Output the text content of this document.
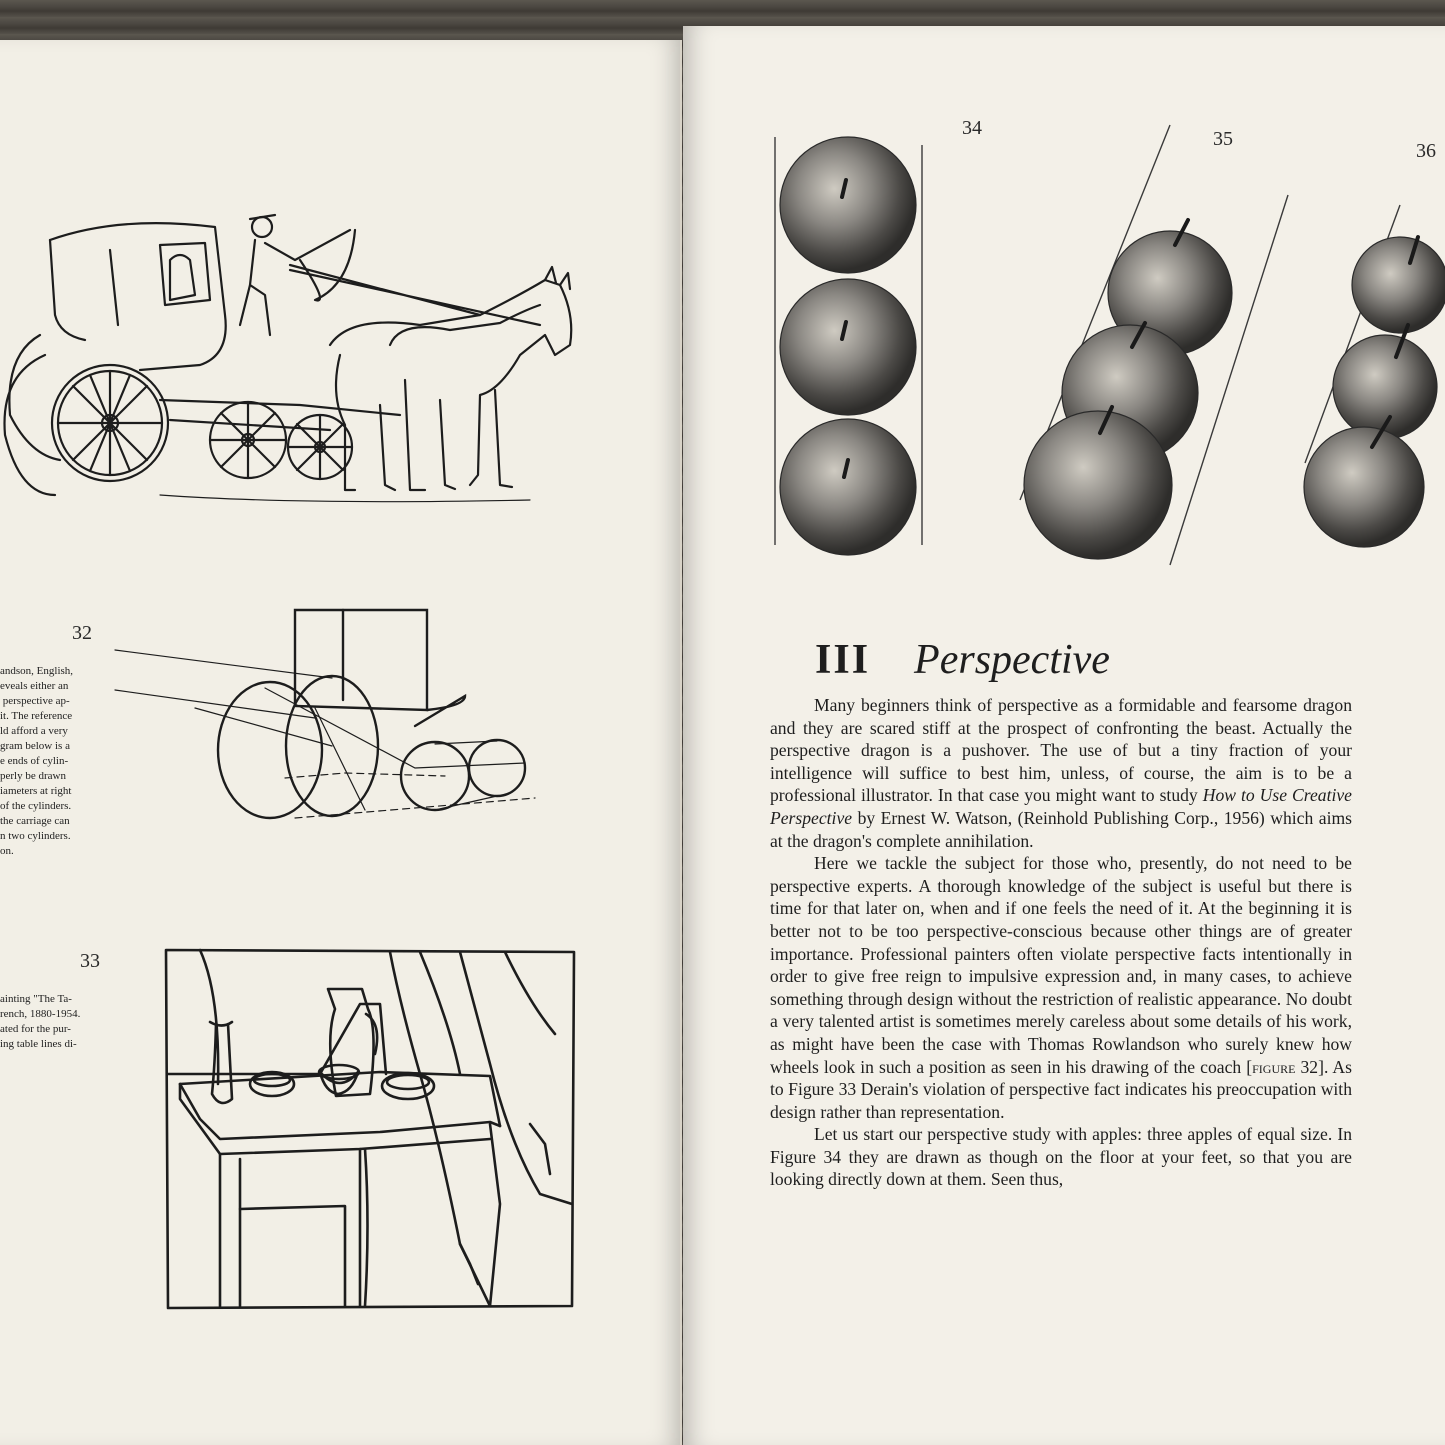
32
andson, English,
eveals either an
perspective ap-
it. The reference
ld afford a very
gram below is a
e ends of cylin-
perly be drawn
iameters at right
of the cylinders.
the carriage can
n two cylinders.
on.
33
ainting "The Ta-
rench, 1880-1954.
ated for the pur-
ing table lines di-
34	35
36
III Perspective

Many beginners think of perspective as a formidable and fearsome dragon and they are scared stiff at the prospect of confronting the beast. Actually the perspective dragon is a pushover. The use of but a tiny fraction of your intelligence will suffice to best him, unless, of course, the aim is to be a professional illustrator. In that case you might want to study How to Use Creative Perspective by Ernest W. Watson, (Reinhold Publishing Corp., 1956) which aims at the dragon's complete annihilation.

Here we tackle the subject for those who, presently, do not need to be perspective experts. A thorough knowledge of the subject is useful but there is time for that later on, when and if one feels the need of it. At the beginning it is better not to be too perspective-conscious because other things are of greater importance. Professional painters often violate perspective facts intentionally in order to give free reign to impulsive expression and, in many cases, to achieve something through design without the restriction of realistic appearance. No doubt a very talented artist is sometimes merely careless about some details of his work, as might have been the case with Thomas Rowlandson who surely knew how wheels look in such a position as seen in his drawing of the coach [figure 32]. As to Figure 33 Derain's violation of perspective fact indicates his preoccupation with design rather than representation.

Let us start our perspective study with apples: three apples of equal size. In Figure 34 they are drawn as though on the floor at your feet, so that you are looking directly down at them. Seen thus,
